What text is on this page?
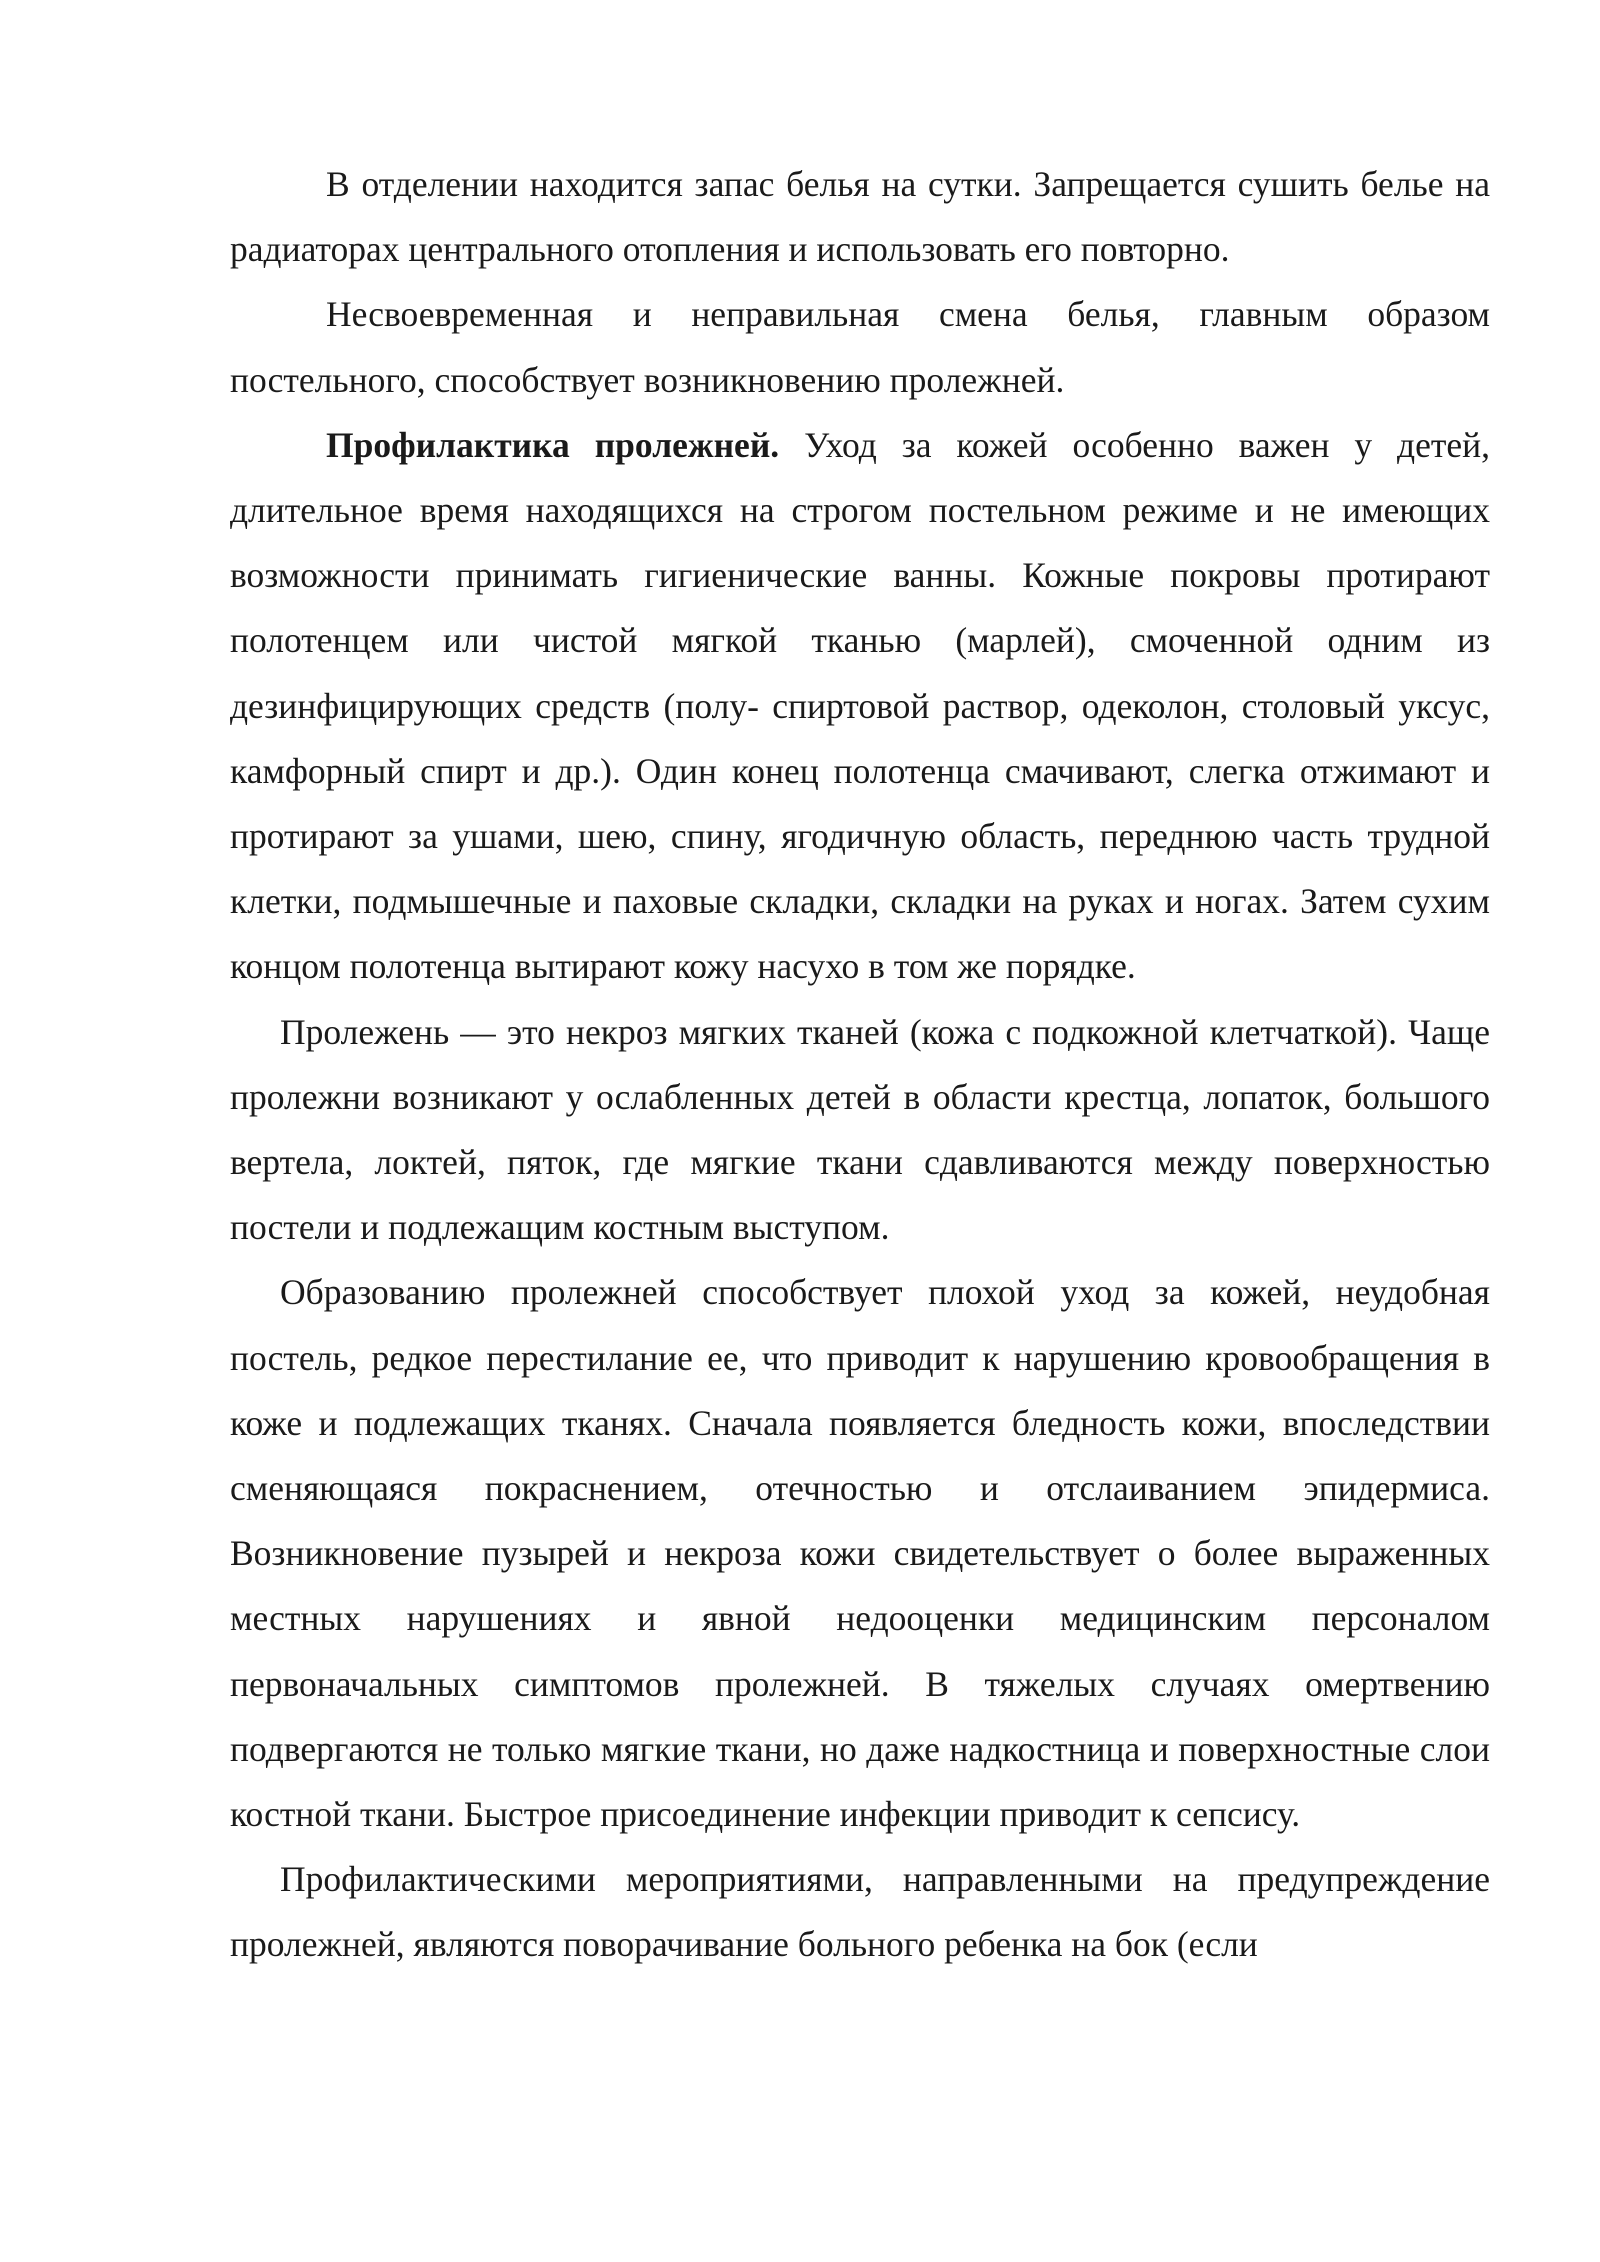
В отделении находится запас белья на сутки. Запрещается сушить белье на радиаторах центрального отопления и использовать его повторно.

Несвоевременная и неправильная смена белья, главным образом постельного, способствует возникновению пролежней.

Профилактика пролежней. Уход за кожей особенно важен у детей, длительное время находящихся на строгом постельном режиме и не имеющих возможности принимать гигиенические ванны. Кожные покровы протирают полотенцем или чистой мягкой тканью (марлей), смоченной одним из дезинфицирующих средств (полу- спиртовой раствор, одеколон, столовый уксус, камфорный спирт и др.). Один конец полотенца смачивают, слегка отжимают и протирают за ушами, шею, спину, ягодичную область, переднюю часть трудной клетки, подмышечные и паховые складки, складки на руках и ногах. Затем сухим концом полотенца вытирают кожу насухо в том же порядке.

Пролежень — это некроз мягких тканей (кожа с подкожной клетчаткой). Чаще пролежни возникают у ослабленных детей в области крестца, лопаток, большого вертела, локтей, пяток, где мягкие ткани сдавливаются между поверхностью постели и подлежащим костным выступом.

Образованию пролежней способствует плохой уход за кожей, неудобная постель, редкое перестилание ее, что приводит к нарушению кровообращения в коже и подлежащих тканях. Сначала появляется бледность кожи, впоследствии сменяющаяся покраснением, отечностью и отслаиванием эпидермиса. Возникновение пузырей и некроза кожи свидетельствует о более выраженных местных нарушениях и явной недооценки медицинским персоналом первоначальных симптомов пролежней. В тяжелых случаях омертвению подвергаются не только мягкие ткани, но даже надкостница и поверхностные слои костной ткани. Быстрое присоединение инфекции приводит к сепсису.

Профилактическими мероприятиями, направленными на предупреждение пролежней, являются поворачивание больного ребенка на бок (если
